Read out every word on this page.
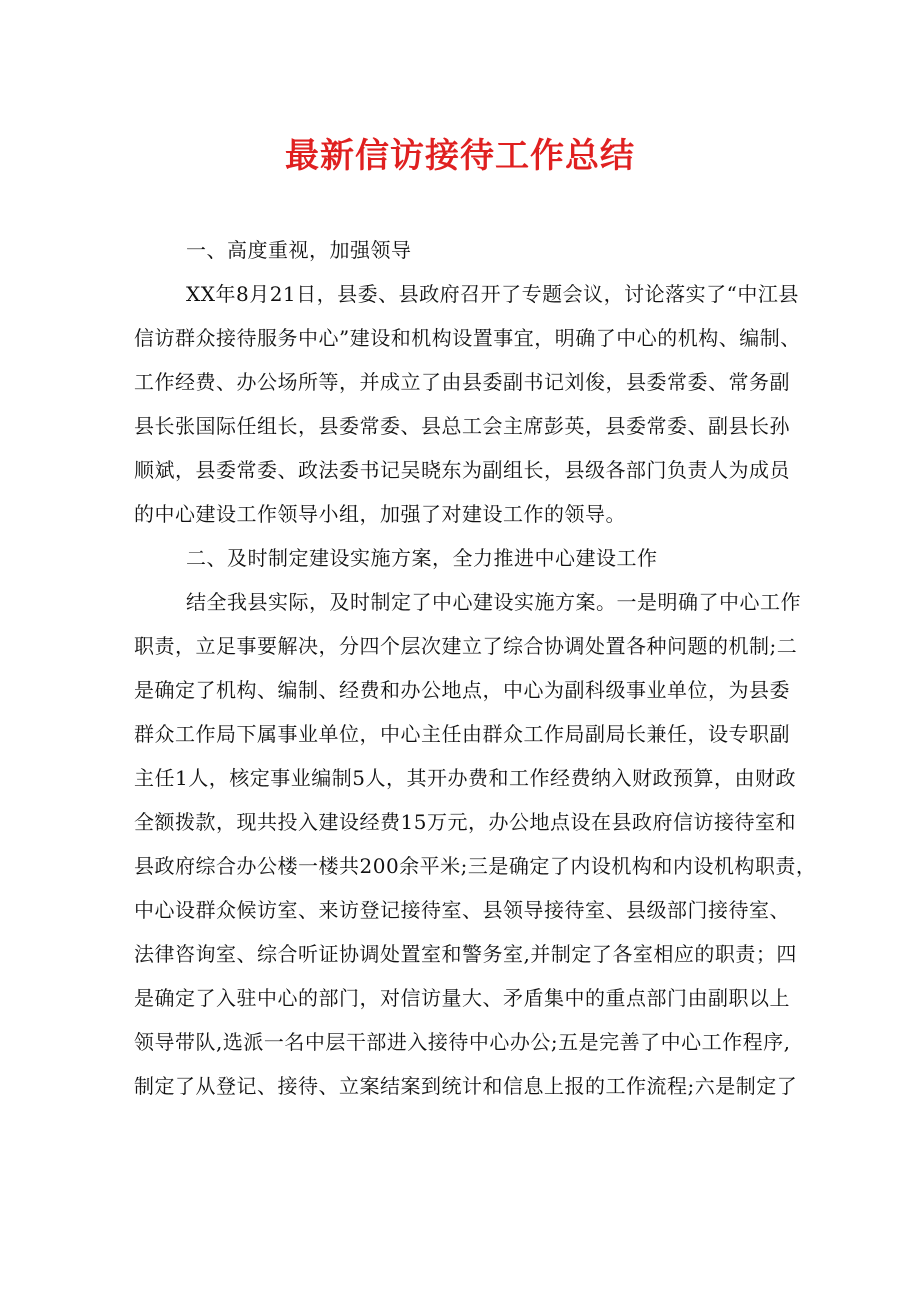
最新信访接待工作总结
一、高度重视，加强领导
XX年8月21日，县委、县政府召开了专题会议，讨论落实了“中江县
信访群众接待服务中心”建设和机构设置事宜，明确了中心的机构、编制、
工作经费、办公场所等，并成立了由县委副书记刘俊，县委常委、常务副
县长张国际任组长，县委常委、县总工会主席彭英，县委常委、副县长孙
顺斌，县委常委、政法委书记吴晓东为副组长，县级各部门负责人为成员
的中心建设工作领导小组，加强了对建设工作的领导。
二、及时制定建设实施方案，全力推进中心建设工作
结全我县实际，及时制定了中心建设实施方案。一是明确了中心工作
职责，立足事要解决，分四个层次建立了综合协调处置各种问题的机制;二
是确定了机构、编制、经费和办公地点，中心为副科级事业单位，为县委
群众工作局下属事业单位，中心主任由群众工作局副局长兼任，设专职副
主任1人，核定事业编制5人，其开办费和工作经费纳入财政预算，由财政
全额拨款，现共投入建设经费15万元，办公地点设在县政府信访接待室和
县政府综合办公楼一楼共200余平米;三是确定了内设机构和内设机构职责，
中心设群众候访室、来访登记接待室、县领导接待室、县级部门接待室、
法律咨询室、综合听证协调处置室和警务室,并制定了各室相应的职责；四
是确定了入驻中心的部门，对信访量大、矛盾集中的重点部门由副职以上
领导带队,选派一名中层干部进入接待中心办公;五是完善了中心工作程序,
制定了从登记、接待、立案结案到统计和信息上报的工作流程;六是制定了
